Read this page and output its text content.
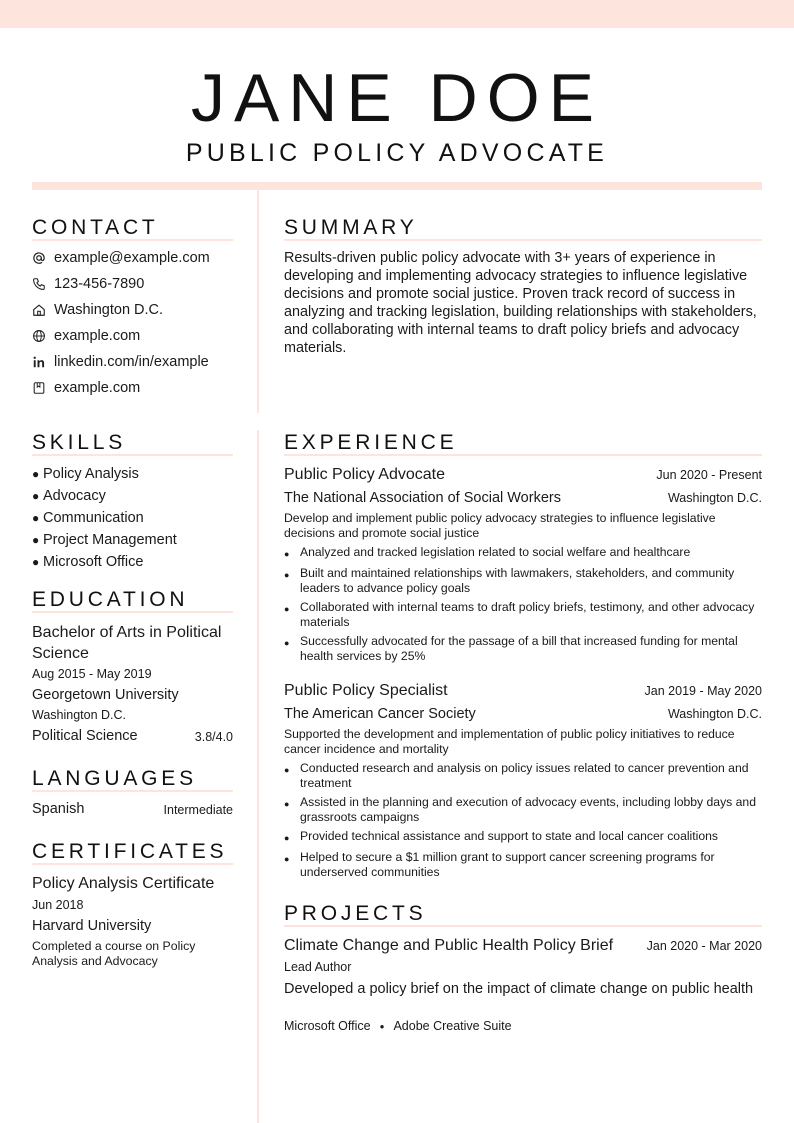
JANE DOE
PUBLIC POLICY ADVOCATE
CONTACT
example@example.com
123-456-7890
Washington D.C.
example.com
linkedin.com/in/example
example.com
SUMMARY
Results-driven public policy advocate with 3+ years of experience in developing and implementing advocacy strategies to influence legislative decisions and promote social justice. Proven track record of success in analyzing and tracking legislation, building relationships with stakeholders, and collaborating with internal teams to draft policy briefs and advocacy materials.
SKILLS
● Policy Analysis
● Advocacy
● Communication
● Project Management
● Microsoft Office
EDUCATION
Bachelor of Arts in Political Science
Aug 2015 - May 2019
Georgetown University
Washington D.C.
Political Science	3.8/4.0
LANGUAGES
Spanish	Intermediate
CERTIFICATES
Policy Analysis Certificate
Jun 2018
Harvard University
Completed a course on Policy Analysis and Advocacy
EXPERIENCE
Public Policy Advocate	Jun 2020 - Present
The National Association of Social Workers	Washington D.C.
Develop and implement public policy advocacy strategies to influence legislative decisions and promote social justice
● Analyzed and tracked legislation related to social welfare and healthcare
● Built and maintained relationships with lawmakers, stakeholders, and community leaders to advance policy goals
● Collaborated with internal teams to draft policy briefs, testimony, and other advocacy materials
● Successfully advocated for the passage of a bill that increased funding for mental health services by 25%
Public Policy Specialist	Jan 2019 - May 2020
The American Cancer Society	Washington D.C.
Supported the development and implementation of public policy initiatives to reduce cancer incidence and mortality
● Conducted research and analysis on policy issues related to cancer prevention and treatment
● Assisted in the planning and execution of advocacy events, including lobby days and grassroots campaigns
● Provided technical assistance and support to state and local cancer coalitions
● Helped to secure a $1 million grant to support cancer screening programs for underserved communities
PROJECTS
Climate Change and Public Health Policy Brief	Jan 2020 - Mar 2020
Lead Author
Developed a policy brief on the impact of climate change on public health
Microsoft Office ● Adobe Creative Suite
